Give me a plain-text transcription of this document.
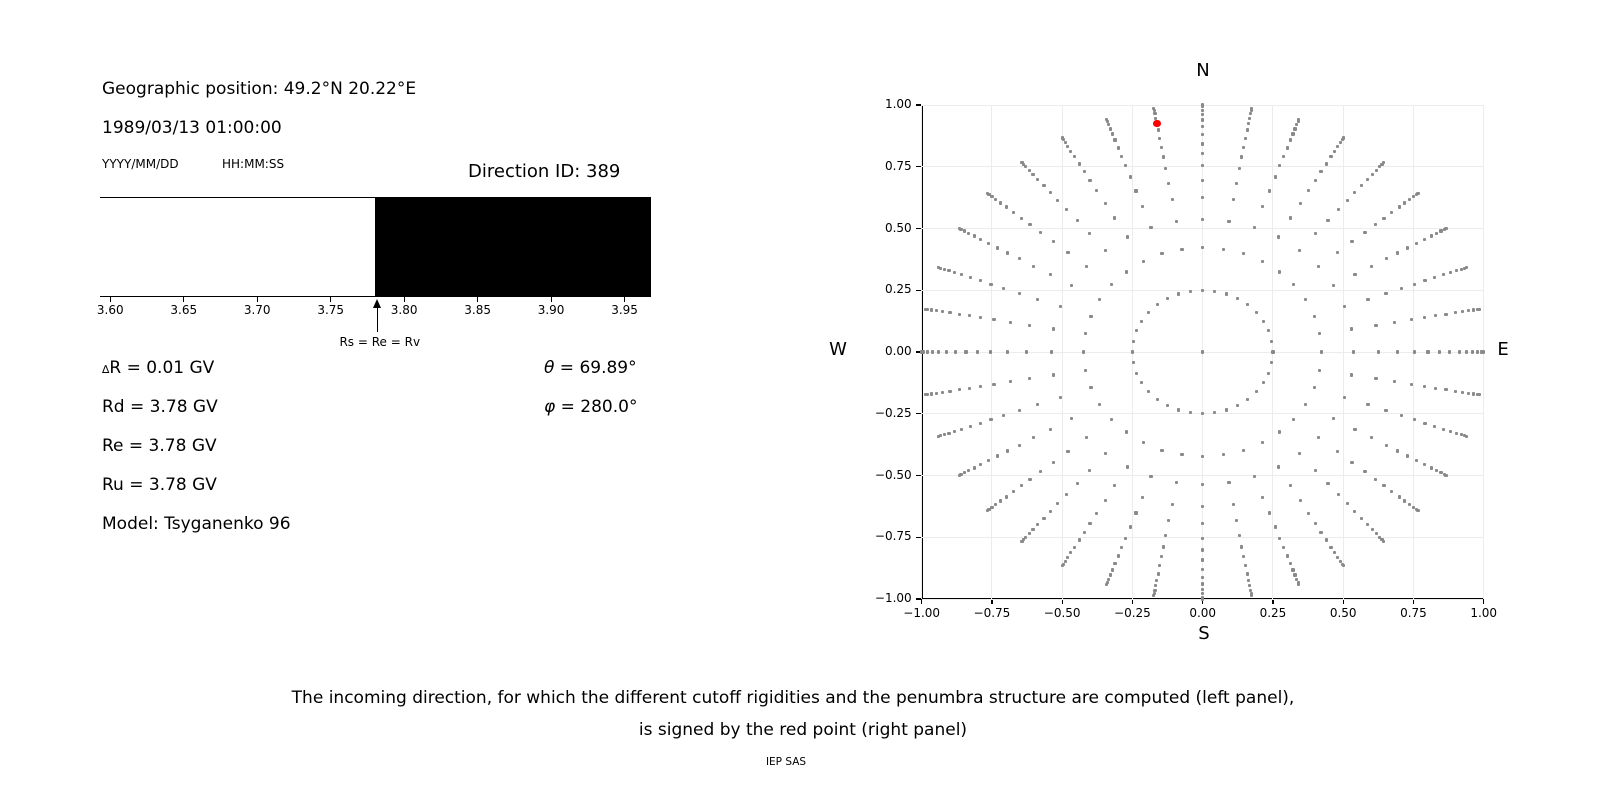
Geographic position: 49.2°N 20.22°E
1989/03/13 01:00:00
YYYY/MM/DD	HH:MM:SS	Direction ID: 389
Rs = Re = Rv
∆R = 0.01 GV
Rd = 3.78 GV
Re = 3.78 GV
Ru = 3.78 GV
Model: Tsyganenko 96
θ = 69.89°
φ = 280.0°
N
S
W	E
The incoming direction, for which the different cutoff rigidities and the penumbra structure are computed (left panel),
is signed by the red point (right panel)
IEP SAS
3.60	3.65	3.70	3.75	3.80	3.85	3.90	3.95
−1.00
1.00
−0.75
0.75
−0.50
0.50
−0.25
0.25
0.00
0.00
0.25
−0.25
0.50
−0.50
0.75
−0.75
1.00
−1.00
